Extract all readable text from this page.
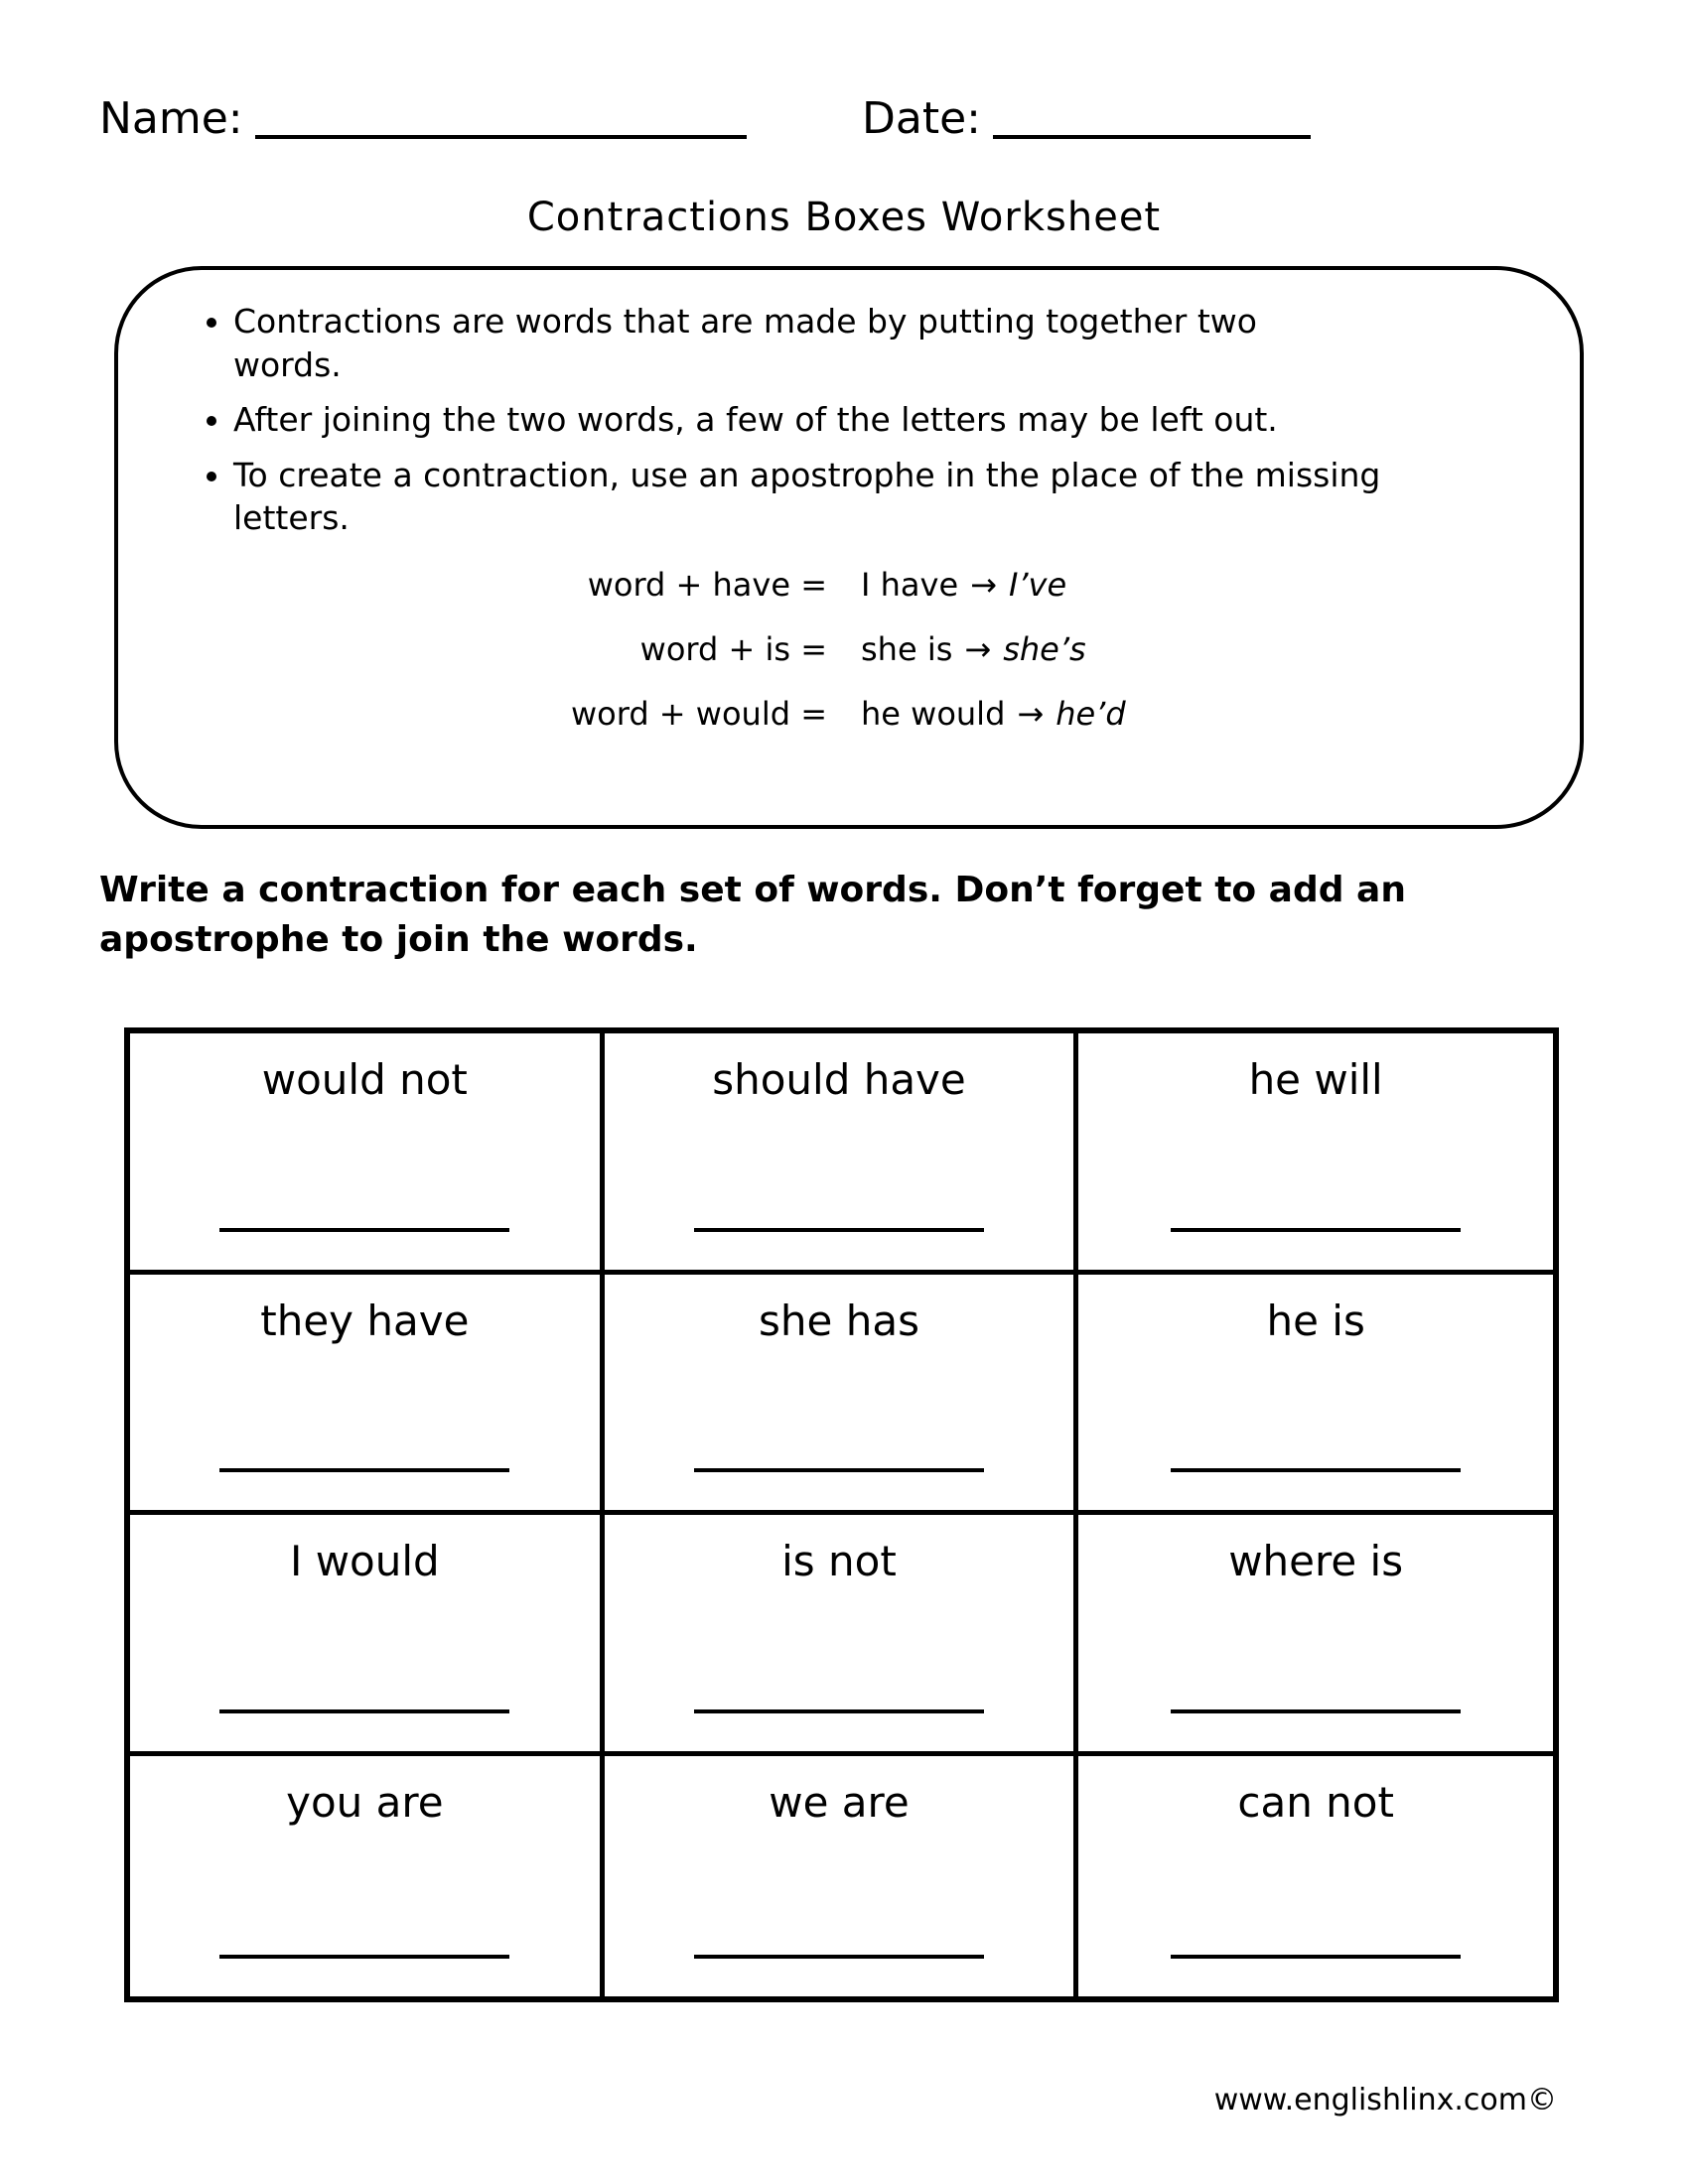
Name:	Date:
Contractions Boxes Worksheet
• Contractions are words that are made by putting together two words.
• After joining the two words, a few of the letters may be left out.
• To create a contraction, use an apostrophe in the place of the missing letters.
word + have = I have → I’ve
word + is = she is → she’s
word + would = he would → he’d

Write a contraction for each set of words. Don’t forget to add an apostrophe to join the words.

would not	should have	he will
they have	she has	he is
I would	is not	where is
you are	we are	can not
www.englishlinx.com©
